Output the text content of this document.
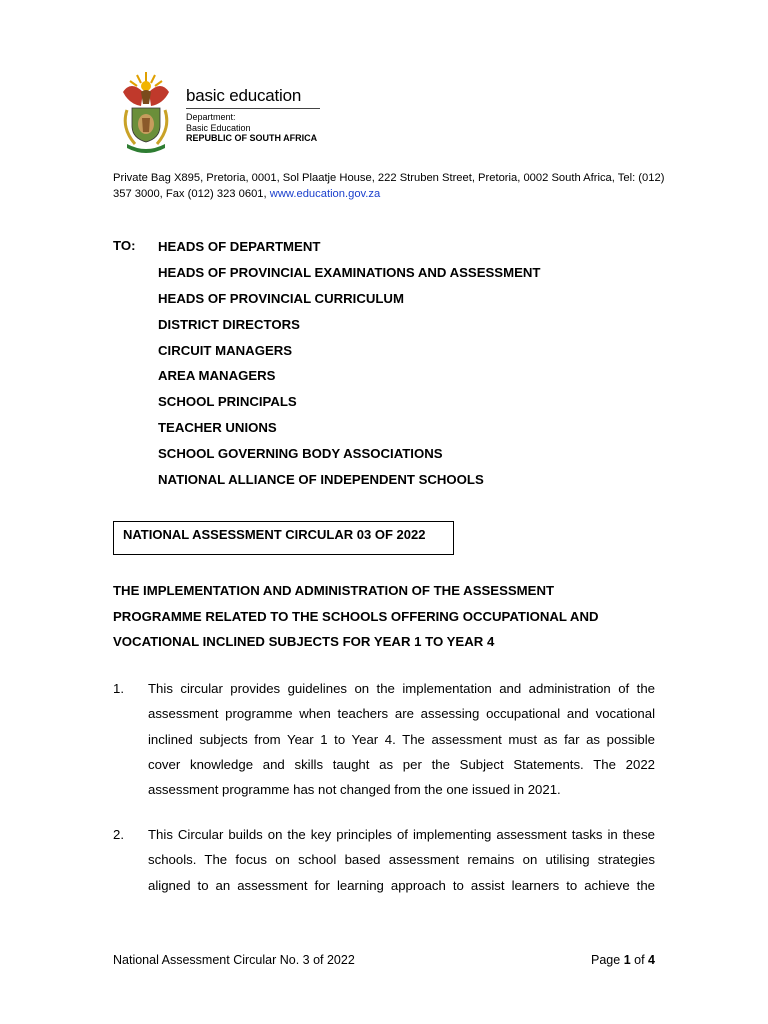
basic education
Department:
Basic Education
REPUBLIC OF SOUTH AFRICA
Private Bag X895, Pretoria, 0001, Sol Plaatje House, 222 Struben Street, Pretoria, 0002 South Africa, Tel: (012) 357 3000, Fax (012) 323 0601, www.education.gov.za
TO: HEADS OF DEPARTMENT
HEADS OF PROVINCIAL EXAMINATIONS AND ASSESSMENT
HEADS OF PROVINCIAL CURRICULUM
DISTRICT DIRECTORS
CIRCUIT MANAGERS
AREA MANAGERS
SCHOOL PRINCIPALS
TEACHER UNIONS
SCHOOL GOVERNING BODY ASSOCIATIONS
NATIONAL ALLIANCE OF INDEPENDENT SCHOOLS
NATIONAL ASSESSMENT CIRCULAR 03 OF 2022
THE IMPLEMENTATION AND ADMINISTRATION OF THE ASSESSMENT
PROGRAMME RELATED TO THE SCHOOLS OFFERING OCCUPATIONAL AND
VOCATIONAL INCLINED SUBJECTS FOR YEAR 1 TO YEAR 4
1. This circular provides guidelines on the implementation and administration of the
assessment programme when teachers are assessing occupational and vocational
inclined subjects from Year 1 to Year 4. The assessment must as far as possible
cover knowledge and skills taught as per the Subject Statements. The 2022
assessment programme has not changed from the one issued in 2021.
2. This Circular builds on the key principles of implementing assessment tasks in these
schools. The focus on school based assessment remains on utilising strategies
aligned to an assessment for learning approach to assist learners to achieve the
National Assessment Circular No. 3 of 2022	Page 1 of 4
